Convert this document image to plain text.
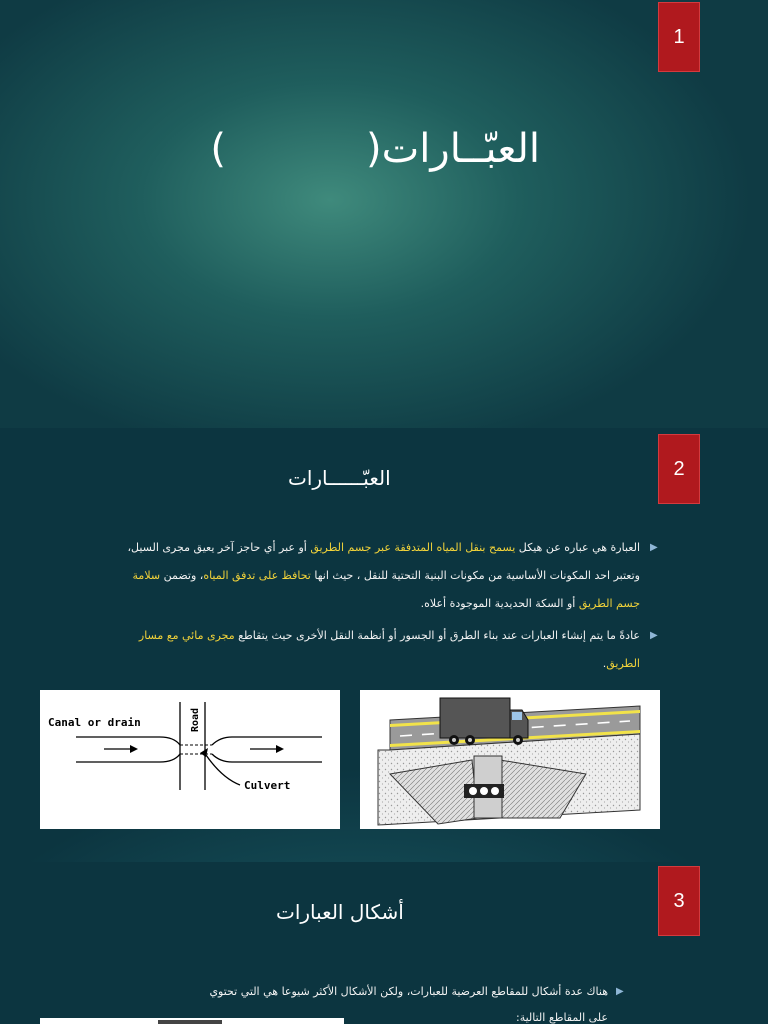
1
العبّــارات()
2
العبّــــــارات
▶
العبارة هي عباره عن هيكل يسمح بنقل المياه المتدفقة عبر جسم الطريق أو عبر أي حاجز آخر يعيق مجرى السيل،
وتعتبر احد المكونات الأساسية من مكونات البنية التحتية للنقل ، حيث انها تحافظ على تدفق المياه، وتضمن سلامة
جسم الطريق أو السكة الحديدية الموجودة أعلاه.
▶
عادةً ما يتم إنشاء العبارات عند بناء الطرق أو الجسور أو أنظمة النقل الأخرى حيث يتقاطع مجرى مائي مع مسار
الطريق.
Canal or drain	Road
Culvert
3
أشكال العبارات
▶
هناك عدة أشكال للمقاطع العرضية للعبارات، ولكن الأشكال الأكثر شيوعا هي التي تحتوي
على المقاطع التالية:
